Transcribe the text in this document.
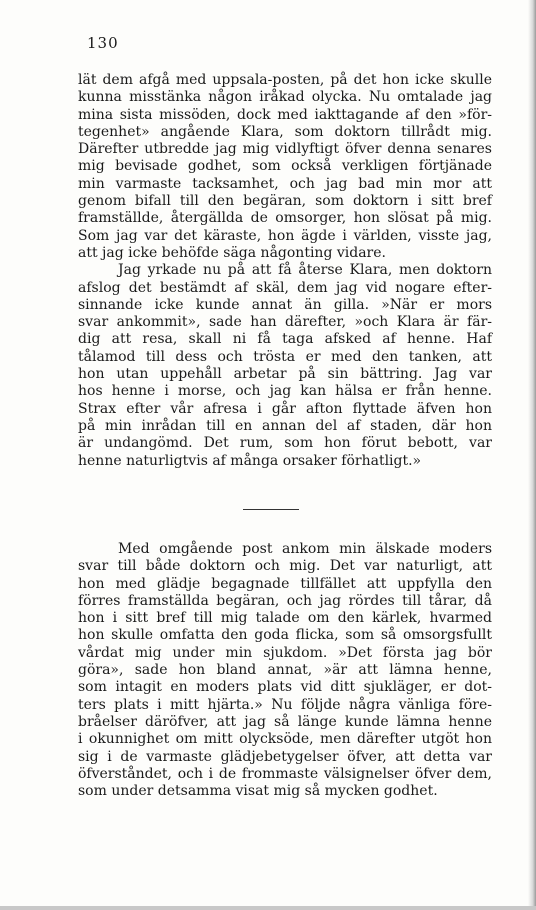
130
lät dem afgå med uppsala-posten, på det hon icke skulle
kunna misstänka någon iråkad olycka. Nu omtalade jag
mina sista missöden, dock med iakttagande af den »för-
tegenhet» angående Klara, som doktorn tillrådt mig.
Därefter utbredde jag mig vidlyftigt öfver denna senares
mig bevisade godhet, som också verkligen förtjänade
min varmaste tacksamhet, och jag bad min mor att
genom bifall till den begäran, som doktorn i sitt bref
framställde, återgällda de omsorger, hon slösat på mig.
Som jag var det käraste, hon ägde i världen, visste jag,
att jag icke behöfde säga någonting vidare.
Jag yrkade nu på att få återse Klara, men doktorn
afslog det bestämdt af skäl, dem jag vid nogare efter-
sinnande icke kunde annat än gilla. »När er mors
svar ankommit», sade han därefter, »och Klara är fär-
dig att resa, skall ni få taga afsked af henne. Haf
tålamod till dess och trösta er med den tanken, att
hon utan uppehåll arbetar på sin bättring. Jag var
hos henne i morse, och jag kan hälsa er från henne.
Strax efter vår afresa i går afton flyttade äfven hon
på min inrådan till en annan del af staden, där hon
är undangömd. Det rum, som hon förut bebott, var
henne naturligtvis af många orsaker förhatligt.»
Med omgående post ankom min älskade moders
svar till både doktorn och mig. Det var naturligt, att
hon med glädje begagnade tillfället att uppfylla den
förres framställda begäran, och jag rördes till tårar, då
hon i sitt bref till mig talade om den kärlek, hvarmed
hon skulle omfatta den goda flicka, som så omsorgsfullt
vårdat mig under min sjukdom. »Det första jag bör
göra», sade hon bland annat, »är att lämna henne,
som intagit en moders plats vid ditt sjukläger, er dot-
ters plats i mitt hjärta.» Nu följde några vänliga före-
bråelser däröfver, att jag så länge kunde lämna henne
i okunnighet om mitt olycksöde, men därefter utgöt hon
sig i de varmaste glädjebetygelser öfver, att detta var
öfverståndet, och i de frommaste välsignelser öfver dem,
som under detsamma visat mig så mycken godhet.
